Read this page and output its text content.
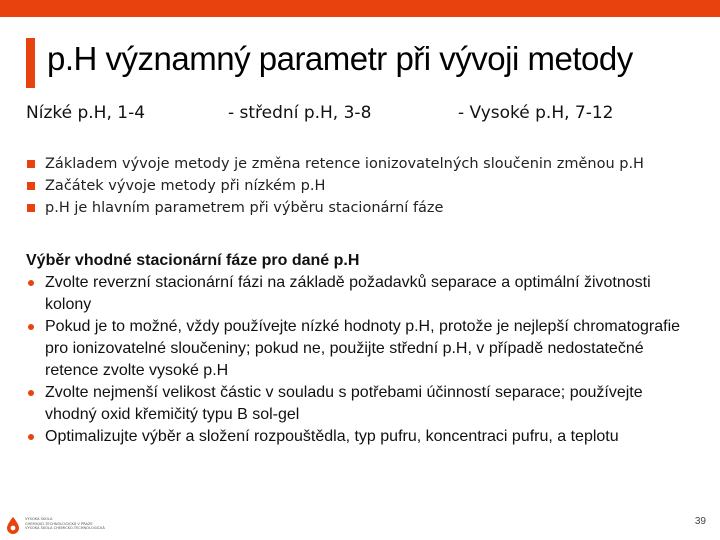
p.H významný parametr při vývoji metody
Nízké p.H, 1-4	- střední p.H, 3-8	- Vysoké p.H, 7-12
Základem vývoje metody je změna retence ionizovatelných sloučenin změnou p.H
Začátek vývoje metody při nízkém p.H
p.H je hlavním parametrem při výběru stacionární fáze
Výběr vhodné stacionární fáze pro dané p.H
Zvolte reverzní stacionární fázi na základě požadavků separace a optimální životnosti kolony
Pokud je to možné, vždy používejte nízké hodnoty p.H, protože je nejlepší chromatografie pro ionizovatelné sloučeniny; pokud ne, použijte střední p.H, v případě nedostatečné retence zvolte vysoké p.H
Zvolte nejmenší velikost částic v souladu s potřebami účinností separace; používejte vhodný oxid křemičitý typu B sol-gel
Optimalizujte výběr a složení rozpouštědla, typ pufru, koncentraci pufru, a teplotu
VYSOKÁ ŠKOLA
CHEMICKO-TECHNOLOGICKÁ V PRAZE
VYSOKÁ ŠKOLA CHEMICKO-TECHNOLOGICKÁ
39
